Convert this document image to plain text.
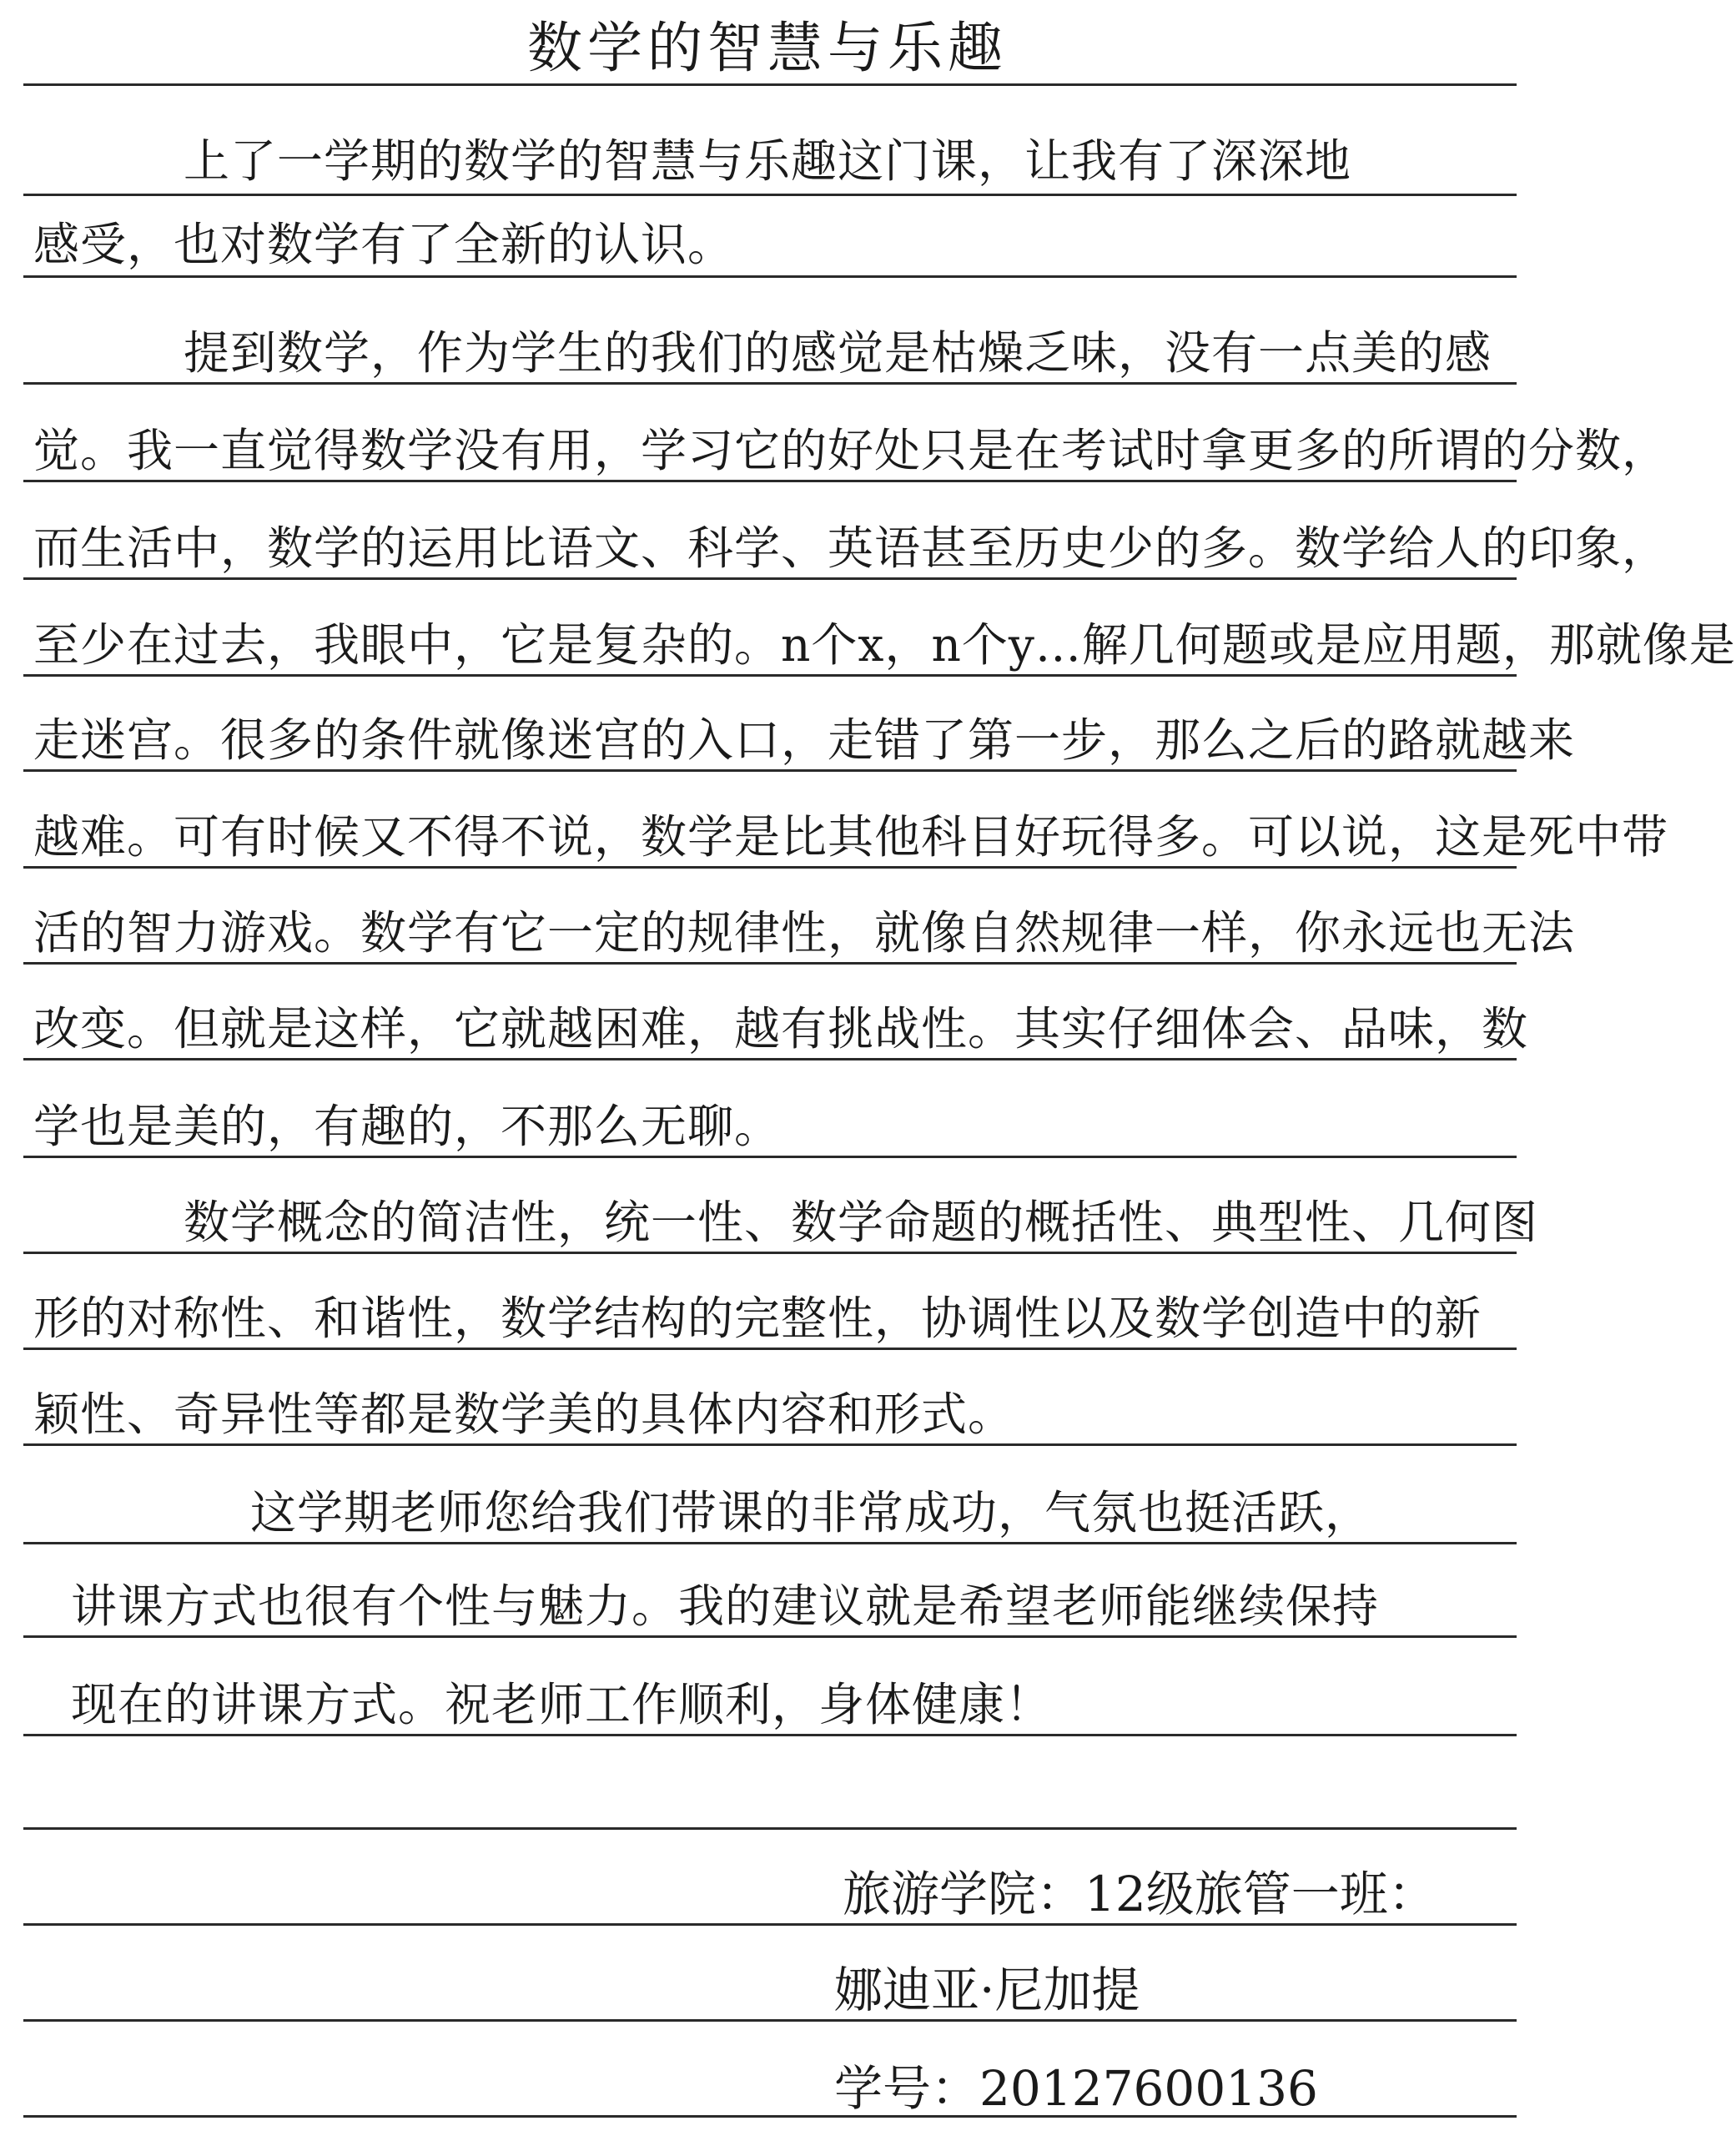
数学的智慧与乐趣
上了一学期的数学的智慧与乐趣这门课，让我有了深深地
感受，也对数学有了全新的认识。
提到数学，作为学生的我们的感觉是枯燥乏味，没有一点美的感
觉。我一直觉得数学没有用，学习它的好处只是在考试时拿更多的所谓的分数，
而生活中，数学的运用比语文、科学、英语甚至历史少的多。数学给人的印象，
至少在过去，我眼中，它是复杂的。n个x，n个y…解几何题或是应用题，那就像是
走迷宫。很多的条件就像迷宫的入口，走错了第一步，那么之后的路就越来
越难。可有时候又不得不说，数学是比其他科目好玩得多。可以说，这是死中带
活的智力游戏。数学有它一定的规律性，就像自然规律一样，你永远也无法
改变。但就是这样，它就越困难，越有挑战性。其实仔细体会、品味，数
学也是美的，有趣的，不那么无聊。
数学概念的简洁性，统一性、数学命题的概括性、典型性、几何图
形的对称性、和谐性，数学结构的完整性，协调性以及数学创造中的新
颖性、奇异性等都是数学美的具体内容和形式。
这学期老师您给我们带课的非常成功，气氛也挺活跃，
讲课方式也很有个性与魅力。我的建议就是希望老师能继续保持
现在的讲课方式。祝老师工作顺利，身体健康！
旅游学院：12级旅管一班：
娜迪亚·尼加提
学号：20127600136
